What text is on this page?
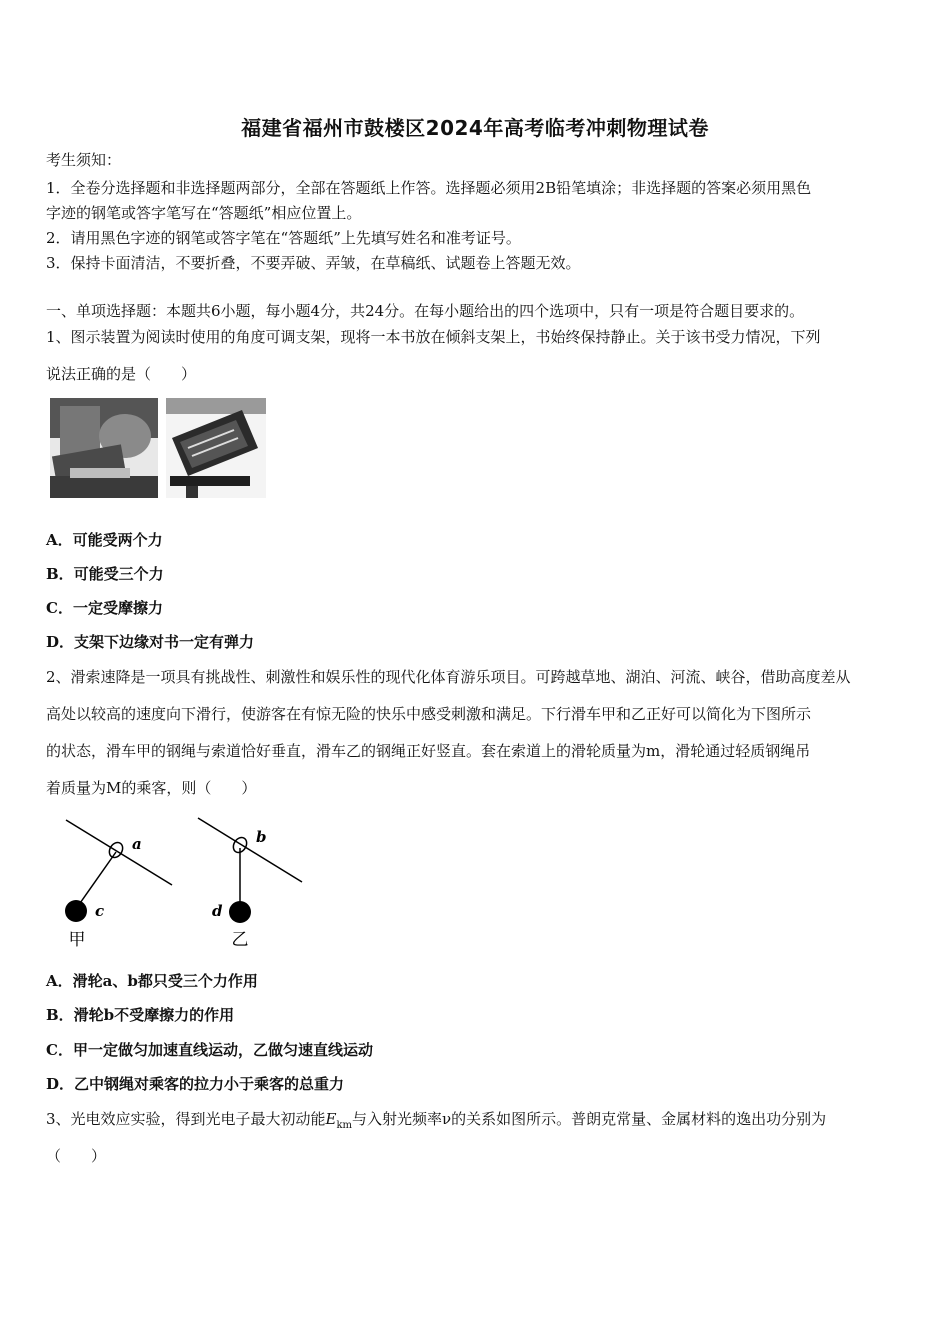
福建省福州市鼓楼区2024年高考临考冲刺物理试卷
考生须知：
1．全卷分选择题和非选择题两部分，全部在答题纸上作答。选择题必须用2B铅笔填涂；非选择题的答案必须用黑色
字迹的钢笔或答字笔写在“答题纸”相应位置上。
2．请用黑色字迹的钢笔或答字笔在“答题纸”上先填写姓名和准考证号。
3．保持卡面清洁，不要折叠，不要弄破、弄皱，在草稿纸、试题卷上答题无效。
一、单项选择题：本题共6小题，每小题4分，共24分。在每小题给出的四个选项中，只有一项是符合题目要求的。
1、图示装置为阅读时使用的角度可调支架，现将一本书放在倾斜支架上，书始终保持静止。关于该书受力情况，下列
说法正确的是（　　）
A．可能受两个力
B．可能受三个力
C．一定受摩擦力
D．支架下边缘对书一定有弹力
2、滑索速降是一项具有挑战性、刺激性和娱乐性的现代化体育游乐项目。可跨越草地、湖泊、河流、峡谷，借助高度差从
高处以较高的速度向下滑行，使游客在有惊无险的快乐中感受刺激和满足。下行滑车甲和乙正好可以简化为下图所示
的状态，滑车甲的钢绳与索道恰好垂直，滑车乙的钢绳正好竖直。套在索道上的滑轮质量为m，滑轮通过轻质钢绳吊
着质量为M的乘客，则（　　）
a
c
甲
b
d
乙
A．滑轮a、b都只受三个力作用
B．滑轮b不受摩擦力的作用
C．甲一定做匀加速直线运动，乙做匀速直线运动
D．乙中钢绳对乘客的拉力小于乘客的总重力
3、光电效应实验，得到光电子最大初动能$E_{km}$与入射光频率ν的关系如图所示。普朗克常量、金属材料的逸出功分别为
（　　）
